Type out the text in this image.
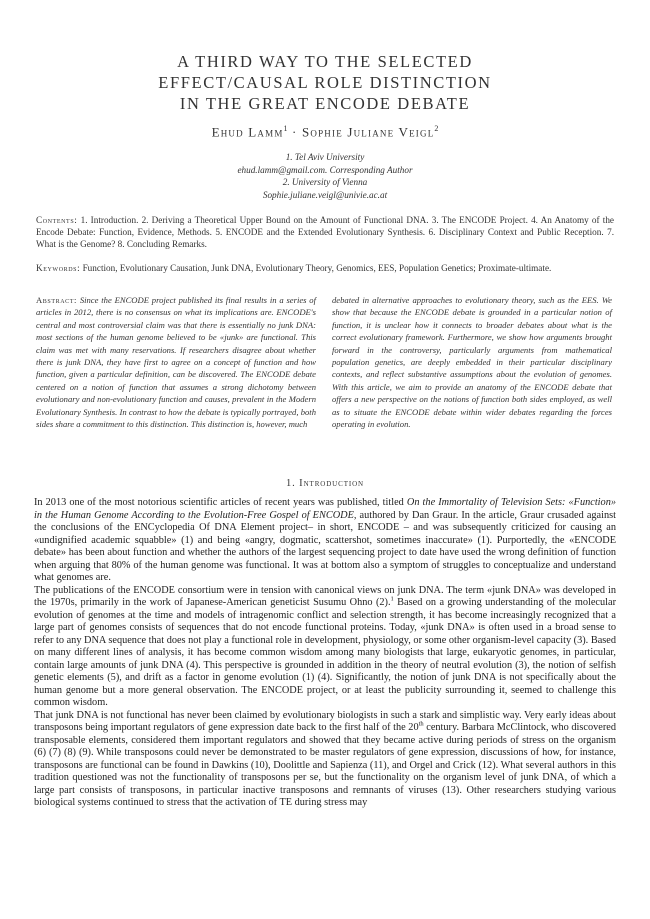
A THIRD WAY TO THE SELECTED
EFFECT/CAUSAL ROLE DISTINCTION
IN THE GREAT ENCODE DEBATE
Ehud Lamm$^1$ · Sophie Juliane Veigl$^2$
1. Tel Aviv University
ehud.lamm@gmail.com. Corresponding Author
2. University of Vienna
Sophie.juliane.veigl@univie.ac.at
Contents: 1. Introduction. 2. Deriving a Theoretical Upper Bound on the Amount of Functional DNA. 3. The ENCODE Project. 4. An Anatomy of the Encode Debate: Function, Evidence, Methods. 5. ENCODE and the Extended Evolutionary Synthesis. 6. Disciplinary Context and Public Reception. 7. What is the Genome? 8. Concluding Remarks.
Keywords: Function, Evolutionary Causation, Junk DNA, Evolutionary Theory, Genomics, EES, Population Genetics; Proximate-ultimate.
Abstract: Since the ENCODE project published its final results in a series of articles in 2012, there is no consensus on what its implications are. ENCODE's central and most controversial claim was that there is essentially no junk DNA: most sections of the human genome believed to be «junk» are functional. This claim was met with many reservations. If researchers disagree about whether there is junk DNA, they have first to agree on a concept of function and how function, given a particular definition, can be discovered. The ENCODE debate centered on a notion of function that assumes a strong dichotomy between evolutionary and non-evolutionary function and causes, prevalent in the Modern Evolutionary Synthesis. In contrast to how the debate is typically portrayed, both sides share a commitment to this distinction. This distinction is, however, much
debated in alternative approaches to evolutionary theory, such as the EES. We show that because the ENCODE debate is grounded in a particular notion of function, it is unclear how it connects to broader debates about what is the correct evolutionary framework. Furthermore, we show how arguments brought forward in the controversy, particularly arguments from mathematical population genetics, are deeply embedded in their particular disciplinary contexts, and reflect substantive assumptions about the evolution of genomes. With this article, we aim to provide an anatomy of the ENCODE debate that offers a new perspective on the notions of function both sides employed, as well as to situate the ENCODE debate within wider debates regarding the forces operating in evolution.
1. Introduction

In 2013 one of the most notorious scientific articles of recent years was published, titled On the Immortality of Television Sets: «Function» in the Human Genome According to the Evolution-Free Gospel of ENCODE, authored by Dan Graur. In the article, Graur crusaded against the conclusions of the ENCyclopedia Of DNA Element project– in short, ENCODE – and was subsequently criticized for causing an «undignified academic squabble» (1) and being «angry, dogmatic, scattershot, sometimes inaccurate» (1). Purportedly, the «ENCODE debate» has been about function and whether the authors of the largest sequencing project to date have used the wrong definition of function when arguing that 80% of the human genome was functional. It was at bottom also a symptom of struggles to conceptualize and understand what genomes are.

The publications of the ENCODE consortium were in tension with canonical views on junk DNA. The term «junk DNA» was developed in the 1970s, primarily in the work of Japanese-American geneticist Susumu Ohno (2).$^1$ Based on a growing understanding of the molecular evolution of genomes at the time and models of intragenomic conflict and selection strength, it has become increasingly recognized that a large part of genomes consists of sequences that do not encode functional proteins. Today, «junk DNA» is often used in a broad sense to refer to any DNA sequence that does not play a functional role in development, physiology, or some other organism-level capacity (3). Based on many different lines of analysis, it has become common wisdom among many biologists that large, eukaryotic genomes, in particular, contain large amounts of junk DNA (4). This perspective is grounded in addition in the theory of neutral evolution (3), the notion of selfish genetic elements (5), and drift as a factor in genome evolution (1) (4). Significantly, the notion of junk DNA is not specifically about the human genome but a more general observation. The ENCODE project, or at least the publicity surrounding it, seemed to challenge this common wisdom.

That junk DNA is not functional has never been claimed by evolutionary biologists in such a stark and simplistic way. Very early ideas about transposons being important regulators of gene expression date back to the first half of the 20th century. Barbara McClintock, who discovered transposable elements, considered them important regulators and showed that they became active during periods of stress on the organism (6) (7) (8) (9). While transposons could never be demonstrated to be master regulators of gene expression, discussions of how, for instance, transposons are functional can be found in Dawkins (10), Doolittle and Sapienza (11), and Orgel and Crick (12). What several authors in this tradition questioned was not the functionality of transposons per se, but the functionality on the organism level of junk DNA, of which a large part consists of transposons, in particular inactive transposons and remnants of viruses (13). Other researchers studying various biological systems continued to stress that the activation of TE during stress may
